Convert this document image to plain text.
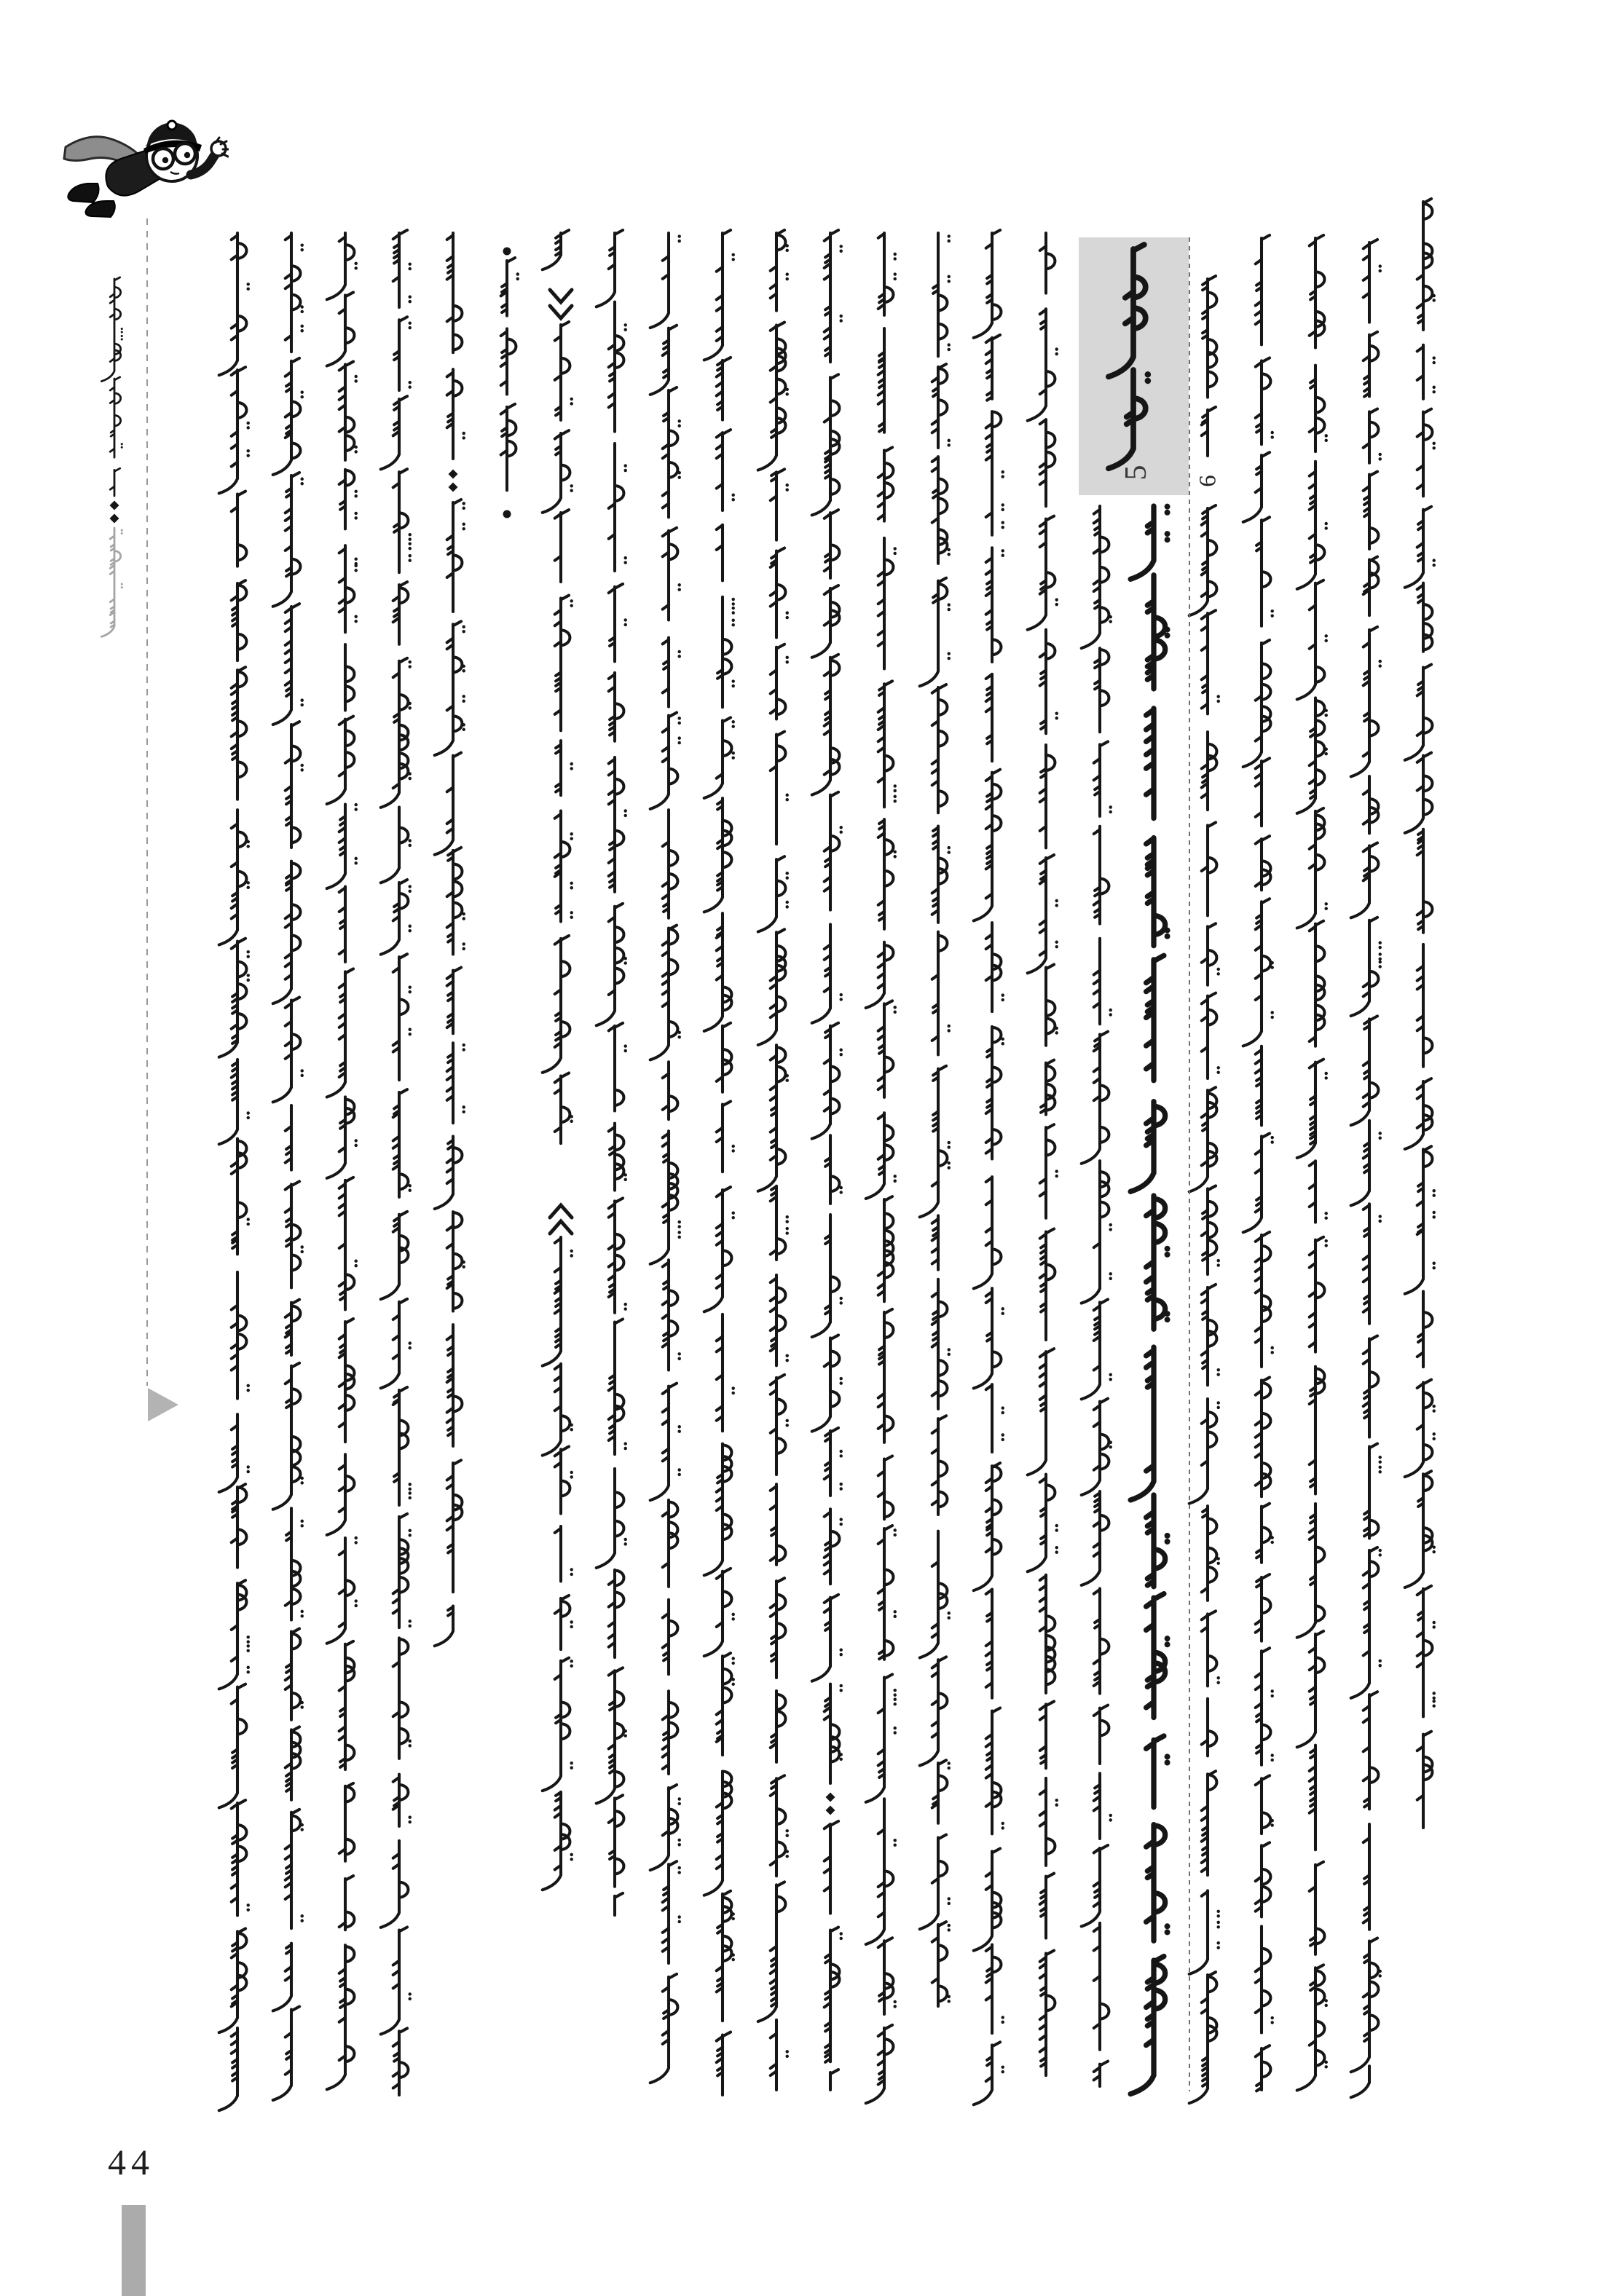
5
6
44
